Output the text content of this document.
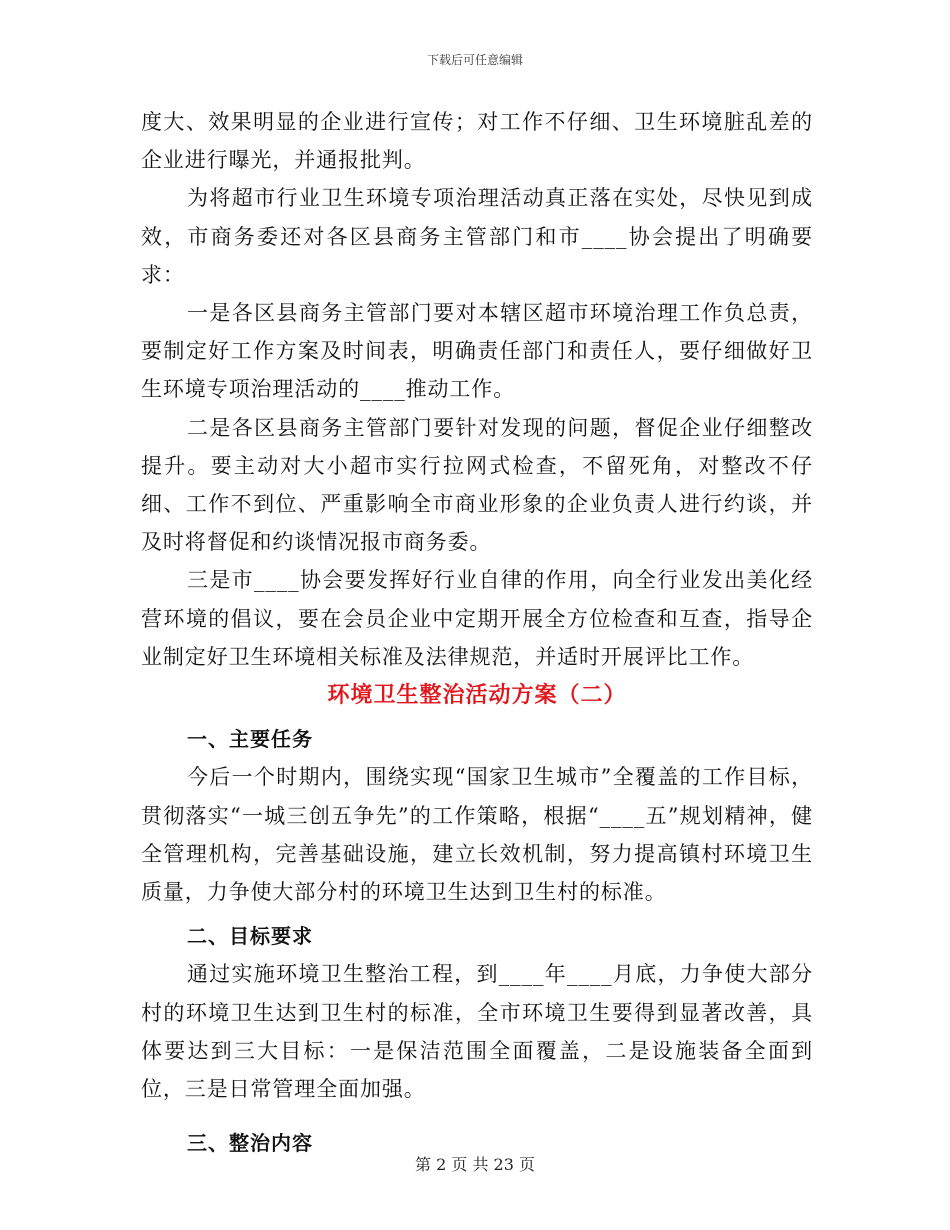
下载后可任意编辑

度大、效果明显的企业进行宣传；对工作不仔细、卫生环境脏乱差的企业进行曝光，并通报批判。

为将超市行业卫生环境专项治理活动真正落在实处，尽快见到成效，市商务委还对各区县商务主管部门和市____协会提出了明确要求：

一是各区县商务主管部门要对本辖区超市环境治理工作负总责，要制定好工作方案及时间表，明确责任部门和责任人，要仔细做好卫生环境专项治理活动的____推动工作。

二是各区县商务主管部门要针对发现的问题，督促企业仔细整改提升。要主动对大小超市实行拉网式检查，不留死角，对整改不仔细、工作不到位、严重影响全市商业形象的企业负责人进行约谈，并及时将督促和约谈情况报市商务委。

三是市____协会要发挥好行业自律的作用，向全行业发出美化经营环境的倡议，要在会员企业中定期开展全方位检查和互查，指导企业制定好卫生环境相关标准及法律规范，并适时开展评比工作。

环境卫生整治活动方案（二）
一、主要任务

今后一个时期内，围绕实现“国家卫生城市”全覆盖的工作目标，贯彻落实“一城三创五争先”的工作策略，根据“____五”规划精神，健全管理机构，完善基础设施，建立长效机制，努力提高镇村环境卫生质量，力争使大部分村的环境卫生达到卫生村的标准。

二、目标要求

通过实施环境卫生整治工程，到____年____月底，力争使大部分村的环境卫生达到卫生村的标准，全市环境卫生要得到显著改善，具体要达到三大目标：一是保洁范围全面覆盖，二是设施装备全面到位，三是日常管理全面加强。

三、整治内容
第 2 页 共 23 页
